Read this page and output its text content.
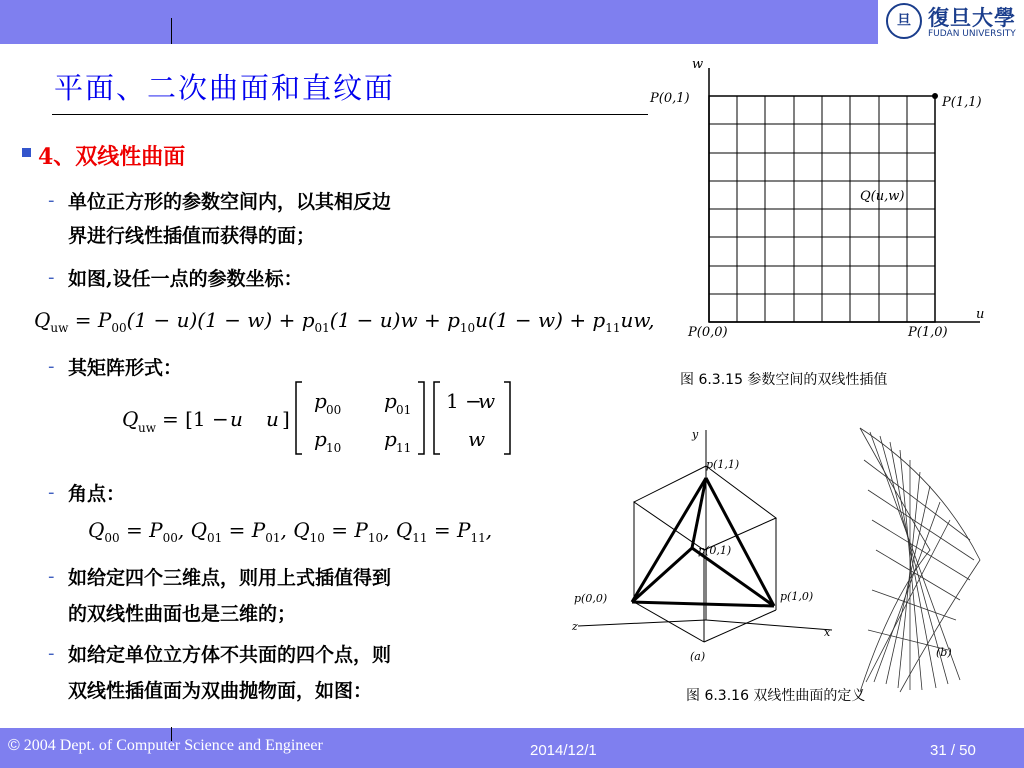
旦 復旦大學
FUDAN UNIVERSITY
平面、二次曲面和直纹面
4、双线性曲面
- 单位正方形的参数空间内，以其相反边
界进行线性插值而获得的面；
- 如图,设任一点的参数坐标：
$Q_{uw} = P_{00}(1 - u)(1 - w) + p_{01}(1 - u)w + p_{10}u(1 - w) + p_{11}uw$,
- 其矩阵形式：
Q uw = [1 − u u ]
p 00 p 01
p 10 p 11
1 −
w
w
- 角点：
$Q_{00} = P_{00}$, $Q_{01} = P_{01}$, $Q_{10} = P_{10}$, $Q_{11} = P_{11}$,
- 如给定四个三维点，则用上式插值得到
的双线性曲面也是三维的；
- 如给定单位立方体不共面的四个点，则
双线性插值面为双曲抛物面，如图：
w
u
P(0,1)	P(1,1)
P(0,0)	P(1,0)
Q(u,w)
图 6.3.15 参数空间的双线性插值
y
x
z
p(1,1)
p(0,1)
p(0,0)	p(1,0)
(a)	(b)
图 6.3.16 双线性曲面的定义
© 2004 Dept. of Computer Science and Engineer	2014/12/1	31 / 50
